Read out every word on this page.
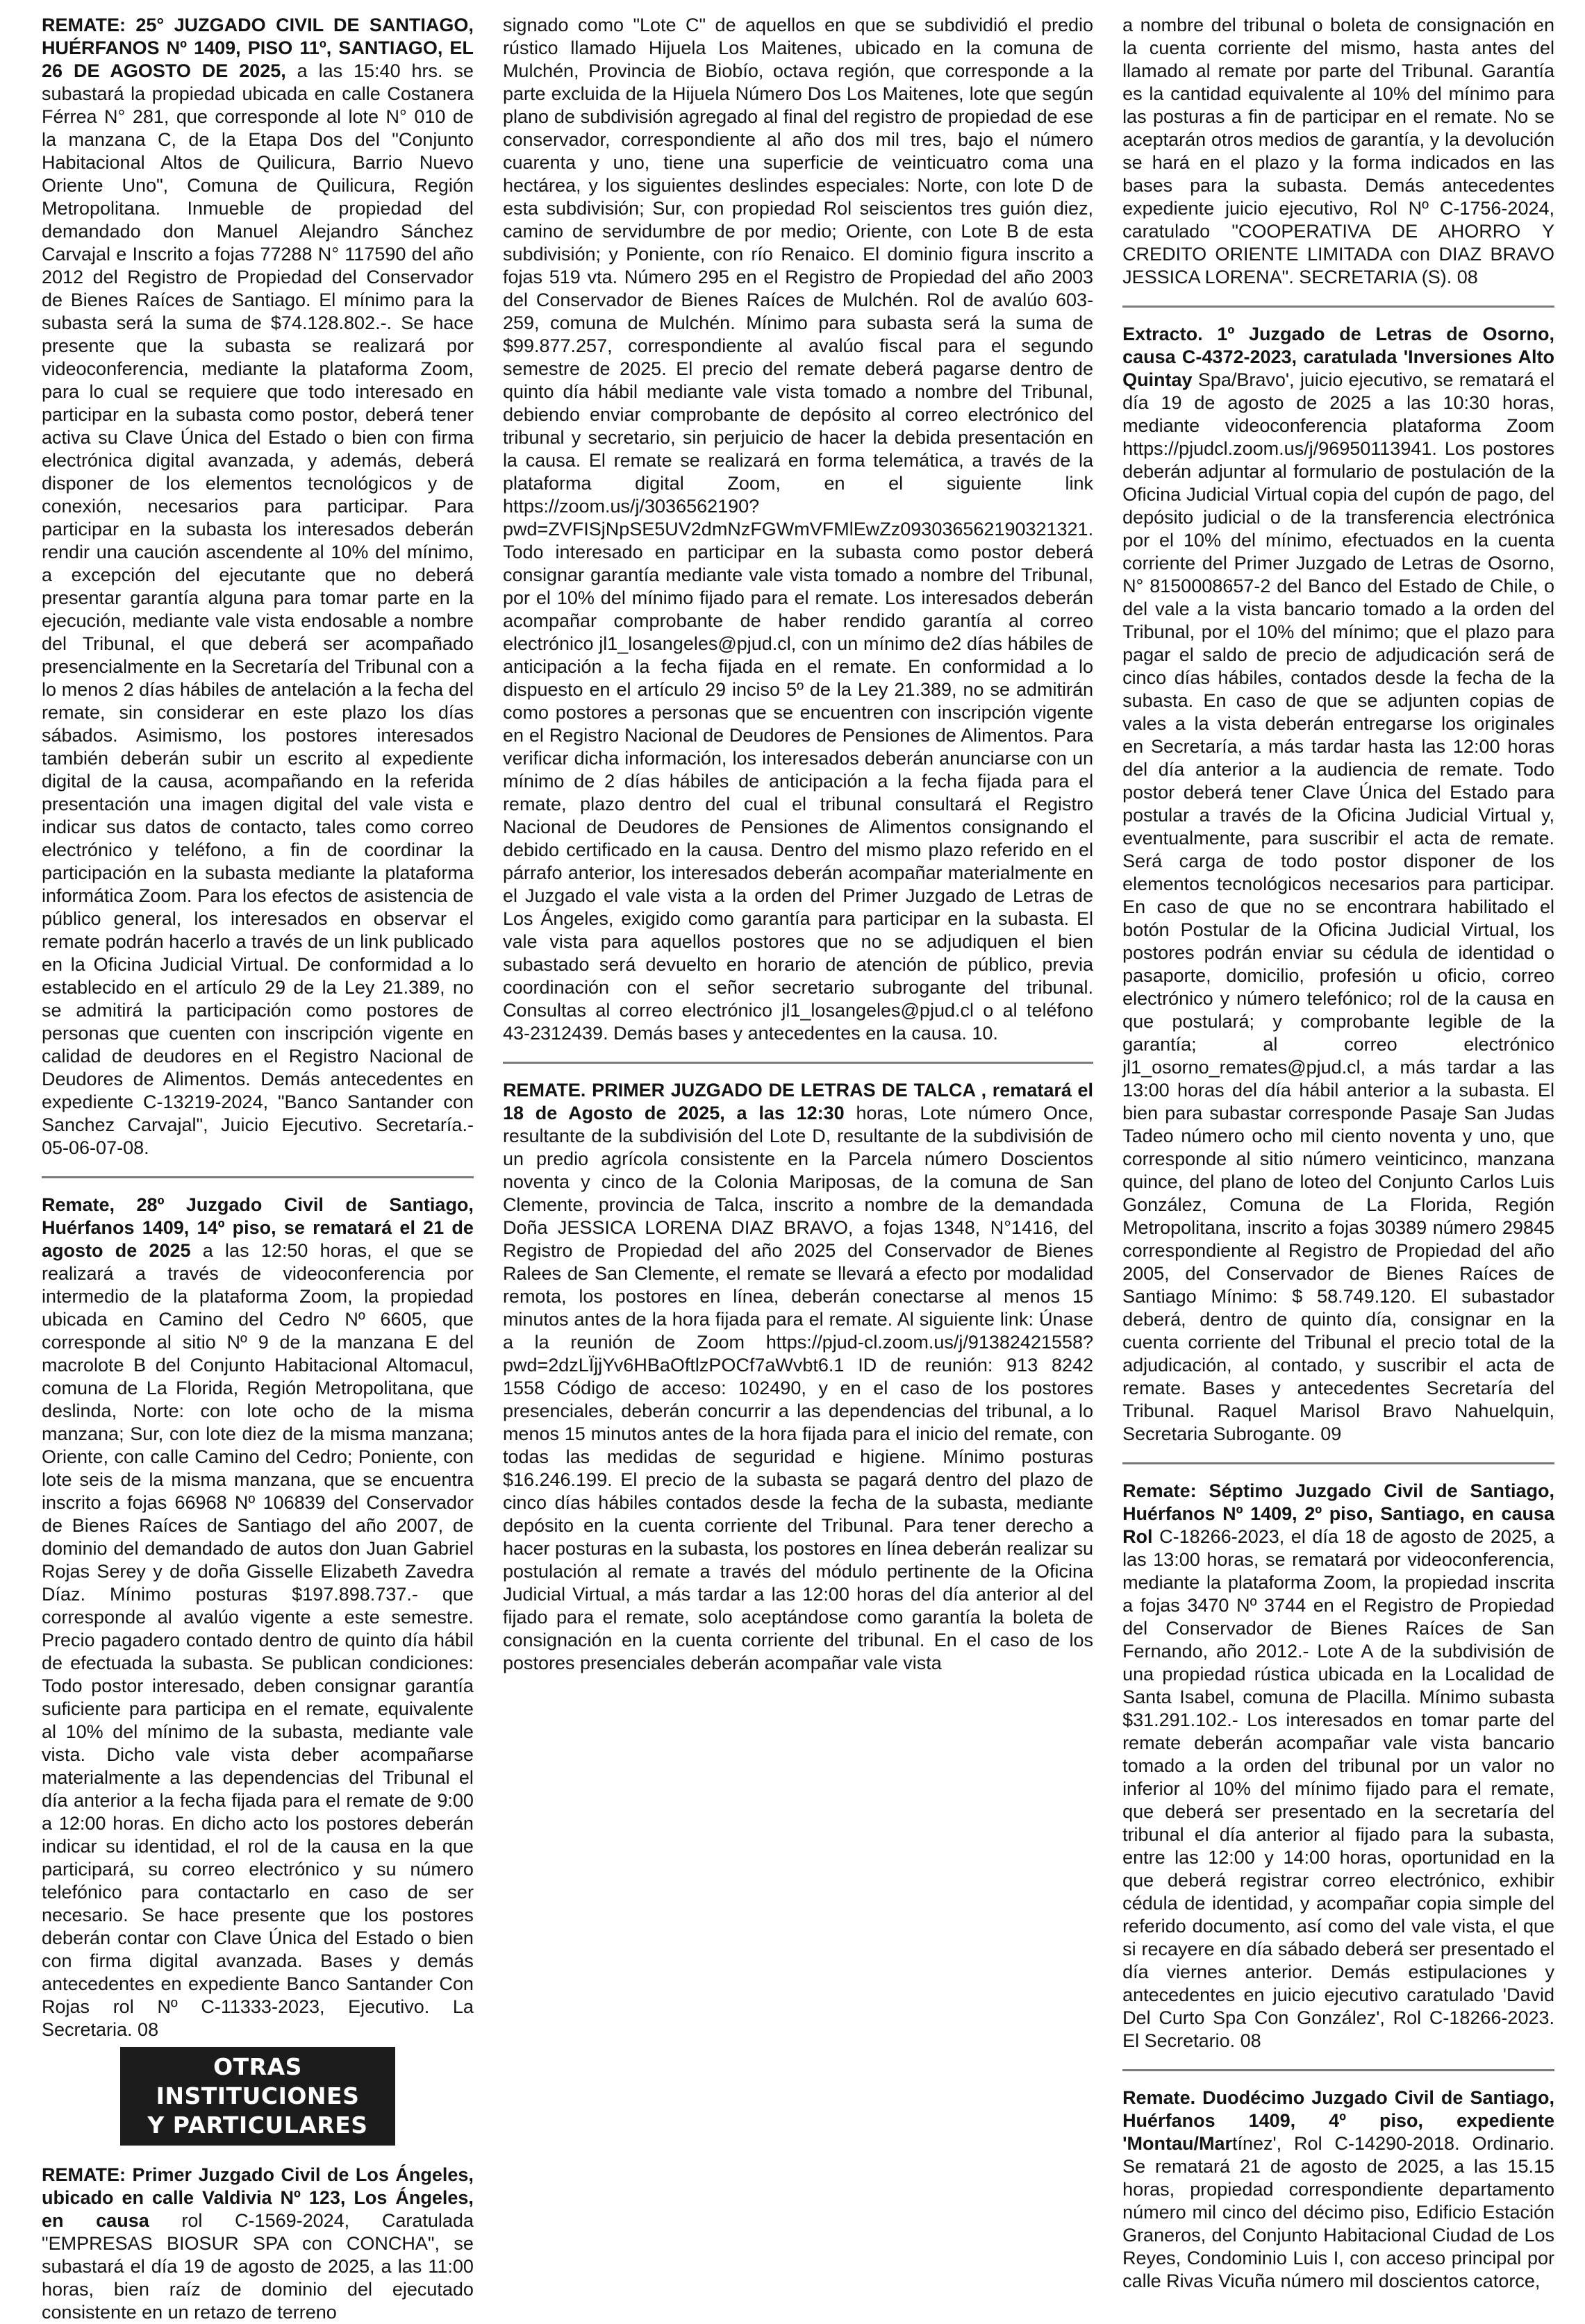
REMATE: 25° JUZGADO CIVIL DE SANTIAGO, HUÉRFANOS Nº 1409, PISO 11º, SANTIAGO, EL 26 DE AGOSTO DE 2025, a las 15:40 hrs. se subastará la propiedad ubicada en calle Costanera Férrea N° 281, que corresponde al lote N° 010 de la manzana C, de la Etapa Dos del "Conjunto Habitacional Altos de Quilicura, Barrio Nuevo Oriente Uno", Comuna de Quilicura, Región Metropolitana. Inmueble de propiedad del demandado don Manuel Alejandro Sánchez Carvajal e Inscrito a fojas 77288 N° 117590 del año 2012 del Registro de Propiedad del Conservador de Bienes Raíces de Santiago. El mínimo para la subasta será la suma de $74.128.802.-. Se hace presente que la subasta se realizará por videoconferencia, mediante la plataforma Zoom, para lo cual se requiere que todo interesado en participar en la subasta como postor, deberá tener activa su Clave Única del Estado o bien con firma electrónica digital avanzada, y además, deberá disponer de los elementos tecnológicos y de conexión, necesarios para participar. Para participar en la subasta los interesados deberán rendir una caución ascendente al 10% del mínimo, a excepción del ejecutante que no deberá presentar garantía alguna para tomar parte en la ejecución, mediante vale vista endosable a nombre del Tribunal, el que deberá ser acompañado presencialmente en la Secretaría del Tribunal con a lo menos 2 días hábiles de antelación a la fecha del remate, sin considerar en este plazo los días sábados. Asimismo, los postores interesados también deberán subir un escrito al expediente digital de la causa, acompañando en la referida presentación una imagen digital del vale vista e indicar sus datos de contacto, tales como correo electrónico y teléfono, a fin de coordinar la participación en la subasta mediante la plataforma informática Zoom. Para los efectos de asistencia de público general, los interesados en observar el remate podrán hacerlo a través de un link publicado en la Oficina Judicial Virtual. De conformidad a lo establecido en el artículo 29 de la Ley 21.389, no se admitirá la participación como postores de personas que cuenten con inscripción vigente en calidad de deudores en el Registro Nacional de Deudores de Alimentos. Demás antecedentes en expediente C-13219-2024, "Banco Santander con Sanchez Carvajal", Juicio Ejecutivo. Secretaría.- 05-06-07-08.

Remate, 28º Juzgado Civil de Santiago, Huérfanos 1409, 14º piso, se rematará el 21 de agosto de 2025 a las 12:50 horas, el que se realizará a través de videoconferencia por intermedio de la plataforma Zoom, la propiedad ubicada en Camino del Cedro Nº 6605, que corresponde al sitio Nº 9 de la manzana E del macrolote B del Conjunto Habitacional Altomacul, comuna de La Florida, Región Metropolitana, que deslinda, Norte: con lote ocho de la misma manzana; Sur, con lote diez de la misma manzana; Oriente, con calle Camino del Cedro; Poniente, con lote seis de la misma manzana, que se encuentra inscrito a fojas 66968 Nº 106839 del Conservador de Bienes Raíces de Santiago del año 2007, de dominio del demandado de autos don Juan Gabriel Rojas Serey y de doña Gisselle Elizabeth Zavedra Díaz. Mínimo posturas $197.898.737.- que corresponde al avalúo vigente a este semestre. Precio pagadero contado dentro de quinto día hábil de efectuada la subasta. Se publican condiciones: Todo postor interesado, deben consignar garantía suficiente para participa en el remate, equivalente al 10% del mínimo de la subasta, mediante vale vista. Dicho vale vista deber acompañarse materialmente a las dependencias del Tribunal el día anterior a la fecha fijada para el remate de 9:00 a 12:00 horas. En dicho acto los postores deberán indicar su identidad, el rol de la causa en la que participará, su correo electrónico y su número telefónico para contactarlo en caso de ser necesario. Se hace presente que los postores deberán contar con Clave Única del Estado o bien con firma digital avanzada. Bases y demás antecedentes en expediente Banco Santander Con Rojas rol Nº C-11333-2023, Ejecutivo. La Secretaria. 08

OTRAS INSTITUCIONES
Y PARTICULARES

REMATE: Primer Juzgado Civil de Los Ángeles, ubicado en calle Valdivia Nº 123, Los Ángeles, en causa rol C-1569-2024, Caratulada "EMPRESAS BIOSUR SPA con CONCHA", se subastará el día 19 de agosto de 2025, a las 11:00 horas, bien raíz de dominio del ejecutado consistente en un retazo de terreno

signado como "Lote C" de aquellos en que se subdividió el predio rústico llamado Hijuela Los Maitenes, ubicado en la comuna de Mulchén, Provincia de Biobío, octava región, que corresponde a la parte excluida de la Hijuela Número Dos Los Maitenes, lote que según plano de subdivisión agregado al final del registro de propiedad de ese conservador, correspondiente al año dos mil tres, bajo el número cuarenta y uno, tiene una superficie de veinticuatro coma una hectárea, y los siguientes deslindes especiales: Norte, con lote D de esta subdivisión; Sur, con propiedad Rol seiscientos tres guión diez, camino de servidumbre de por medio; Oriente, con Lote B de esta subdivisión; y Poniente, con río Renaico. El dominio figura inscrito a fojas 519 vta. Número 295 en el Registro de Propiedad del año 2003 del Conservador de Bienes Raíces de Mulchén. Rol de avalúo 603-259, comuna de Mulchén. Mínimo para subasta será la suma de $99.877.257, correspondiente al avalúo fiscal para el segundo semestre de 2025. El precio del remate deberá pagarse dentro de quinto día hábil mediante vale vista tomado a nombre del Tribunal, debiendo enviar comprobante de depósito al correo electrónico del tribunal y secretario, sin perjuicio de hacer la debida presentación en la causa. El remate se realizará en forma telemática, a través de la plataforma digital Zoom, en el siguiente link https://zoom.us/j/3036562190?pwd=ZVFISjNpSE5UV2dmNzFGWmVFMlEwZz093036562190321321. Todo interesado en participar en la subasta como postor deberá consignar garantía mediante vale vista tomado a nombre del Tribunal, por el 10% del mínimo fijado para el remate. Los interesados deberán acompañar comprobante de haber rendido garantía al correo electrónico jl1_losangeles@pjud.cl, con un mínimo de2 días hábiles de anticipación a la fecha fijada en el remate. En conformidad a lo dispuesto en el artículo 29 inciso 5º de la Ley 21.389, no se admitirán como postores a personas que se encuentren con inscripción vigente en el Registro Nacional de Deudores de Pensiones de Alimentos. Para verificar dicha información, los interesados deberán anunciarse con un mínimo de 2 días hábiles de anticipación a la fecha fijada para el remate, plazo dentro del cual el tribunal consultará el Registro Nacional de Deudores de Pensiones de Alimentos consignando el debido certificado en la causa. Dentro del mismo plazo referido en el párrafo anterior, los interesados deberán acompañar materialmente en el Juzgado el vale vista a la orden del Primer Juzgado de Letras de Los Ángeles, exigido como garantía para participar en la subasta. El vale vista para aquellos postores que no se adjudiquen el bien subastado será devuelto en horario de atención de público, previa coordinación con el señor secretario subrogante del tribunal. Consultas al correo electrónico jl1_losangeles@pjud.cl o al teléfono 43-2312439. Demás bases y antecedentes en la causa. 10.

REMATE. PRIMER JUZGADO DE LETRAS DE TALCA , rematará el 18 de Agosto de 2025, a las 12:30 horas, Lote número Once, resultante de la subdivisión del Lote D, resultante de la subdivisión de un predio agrícola consistente en la Parcela número Doscientos noventa y cinco de la Colonia Mariposas, de la comuna de San Clemente, provincia de Talca, inscrito a nombre de la demandada Doña JESSICA LORENA DIAZ BRAVO, a fojas 1348, N°1416, del Registro de Propiedad del año 2025 del Conservador de Bienes Ralees de San Clemente, el remate se llevará a efecto por modalidad remota, los postores en línea, deberán conectarse al menos 15 minutos antes de la hora fijada para el remate. Al siguiente link: Únase a la reunión de Zoom https://pjud-cl.zoom.us/j/91382421558?pwd=2dzLÏjjYv6HBaOftlzPOCf7aWvbt6.1 ID de reunión: 913 8242 1558 Código de acceso: 102490, y en el caso de los postores presenciales, deberán concurrir a las dependencias del tribunal, a lo menos 15 minutos antes de la hora fijada para el inicio del remate, con todas las medidas de seguridad e higiene. Mínimo posturas $16.246.199. El precio de la subasta se pagará dentro del plazo de cinco días hábiles contados desde la fecha de la subasta, mediante depósito en la cuenta corriente del Tribunal. Para tener derecho a hacer posturas en la subasta, los postores en línea deberán realizar su postulación al remate a través del módulo pertinente de la Oficina Judicial Virtual, a más tardar a las 12:00 horas del día anterior al del fijado para el remate, solo aceptándose como garantía la boleta de consignación en la cuenta corriente del tribunal. En el caso de los postores presenciales deberán acompañar vale vista

a nombre del tribunal o boleta de consignación en la cuenta corriente del mismo, hasta antes del llamado al remate por parte del Tribunal. Garantía es la cantidad equivalente al 10% del mínimo para las posturas a fin de participar en el remate. No se aceptarán otros medios de garantía, y la devolución se hará en el plazo y la forma indicados en las bases para la subasta. Demás antecedentes expediente juicio ejecutivo, Rol Nº C-1756-2024, caratulado "COOPERATIVA DE AHORRO Y CREDITO ORIENTE LIMITADA con DIAZ BRAVO JESSICA LORENA". SECRETARIA (S). 08

Extracto. 1º Juzgado de Letras de Osorno, causa C-4372-2023, caratulada 'Inversiones Alto Quintay Spa/Bravo', juicio ejecutivo, se rematará el día 19 de agosto de 2025 a las 10:30 horas, mediante videoconferencia plataforma Zoom https://pjudcl.zoom.us/j/96950113941. Los postores deberán adjuntar al formulario de postulación de la Oficina Judicial Virtual copia del cupón de pago, del depósito judicial o de la transferencia electrónica por el 10% del mínimo, efectuados en la cuenta corriente del Primer Juzgado de Letras de Osorno, N° 8150008657-2 del Banco del Estado de Chile, o del vale a la vista bancario tomado a la orden del Tribunal, por el 10% del mínimo; que el plazo para pagar el saldo de precio de adjudicación será de cinco días hábiles, contados desde la fecha de la subasta. En caso de que se adjunten copias de vales a la vista deberán entregarse los originales en Secretaría, a más tardar hasta las 12:00 horas del día anterior a la audiencia de remate. Todo postor deberá tener Clave Única del Estado para postular a través de la Oficina Judicial Virtual y, eventualmente, para suscribir el acta de remate. Será carga de todo postor disponer de los elementos tecnológicos necesarios para participar. En caso de que no se encontrara habilitado el botón Postular de la Oficina Judicial Virtual, los postores podrán enviar su cédula de identidad o pasaporte, domicilio, profesión u oficio, correo electrónico y número telefónico; rol de la causa en que postulará; y comprobante legible de la garantía; al correo electrónico jl1_osorno_remates@pjud.cl, a más tardar a las 13:00 horas del día hábil anterior a la subasta. El bien para subastar corresponde Pasaje San Judas Tadeo número ocho mil ciento noventa y uno, que corresponde al sitio número veinticinco, manzana quince, del plano de loteo del Conjunto Carlos Luis González, Comuna de La Florida, Región Metropolitana, inscrito a fojas 30389 número 29845 correspondiente al Registro de Propiedad del año 2005, del Conservador de Bienes Raíces de Santiago Mínimo: $ 58.749.120. El subastador deberá, dentro de quinto día, consignar en la cuenta corriente del Tribunal el precio total de la adjudicación, al contado, y suscribir el acta de remate. Bases y antecedentes Secretaría del Tribunal. Raquel Marisol Bravo Nahuelquin, Secretaria Subrogante. 09

Remate: Séptimo Juzgado Civil de Santiago, Huérfanos Nº 1409, 2º piso, Santiago, en causa Rol C-18266-2023, el día 18 de agosto de 2025, a las 13:00 horas, se rematará por videoconferencia, mediante la plataforma Zoom, la propiedad inscrita a fojas 3470 Nº 3744 en el Registro de Propiedad del Conservador de Bienes Raíces de San Fernando, año 2012.- Lote A de la subdivisión de una propiedad rústica ubicada en la Localidad de Santa Isabel, comuna de Placilla. Mínimo subasta $31.291.102.- Los interesados en tomar parte del remate deberán acompañar vale vista bancario tomado a la orden del tribunal por un valor no inferior al 10% del mínimo fijado para el remate, que deberá ser presentado en la secretaría del tribunal el día anterior al fijado para la subasta, entre las 12:00 y 14:00 horas, oportunidad en la que deberá registrar correo electrónico, exhibir cédula de identidad, y acompañar copia simple del referido documento, así como del vale vista, el que si recayere en día sábado deberá ser presentado el día viernes anterior. Demás estipulaciones y antecedentes en juicio ejecutivo caratulado 'David Del Curto Spa Con González', Rol C-18266-2023. El Secretario. 08

Remate. Duodécimo Juzgado Civil de Santiago, Huérfanos 1409, 4º piso, expediente 'Montau/Martínez', Rol C-14290-2018. Ordinario. Se rematará 21 de agosto de 2025, a las 15.15 horas, propiedad correspondiente departamento número mil cinco del décimo piso, Edificio Estación Graneros, del Conjunto Habitacional Ciudad de Los Reyes, Condominio Luis I, con acceso principal por calle Rivas Vicuña número mil doscientos catorce,
